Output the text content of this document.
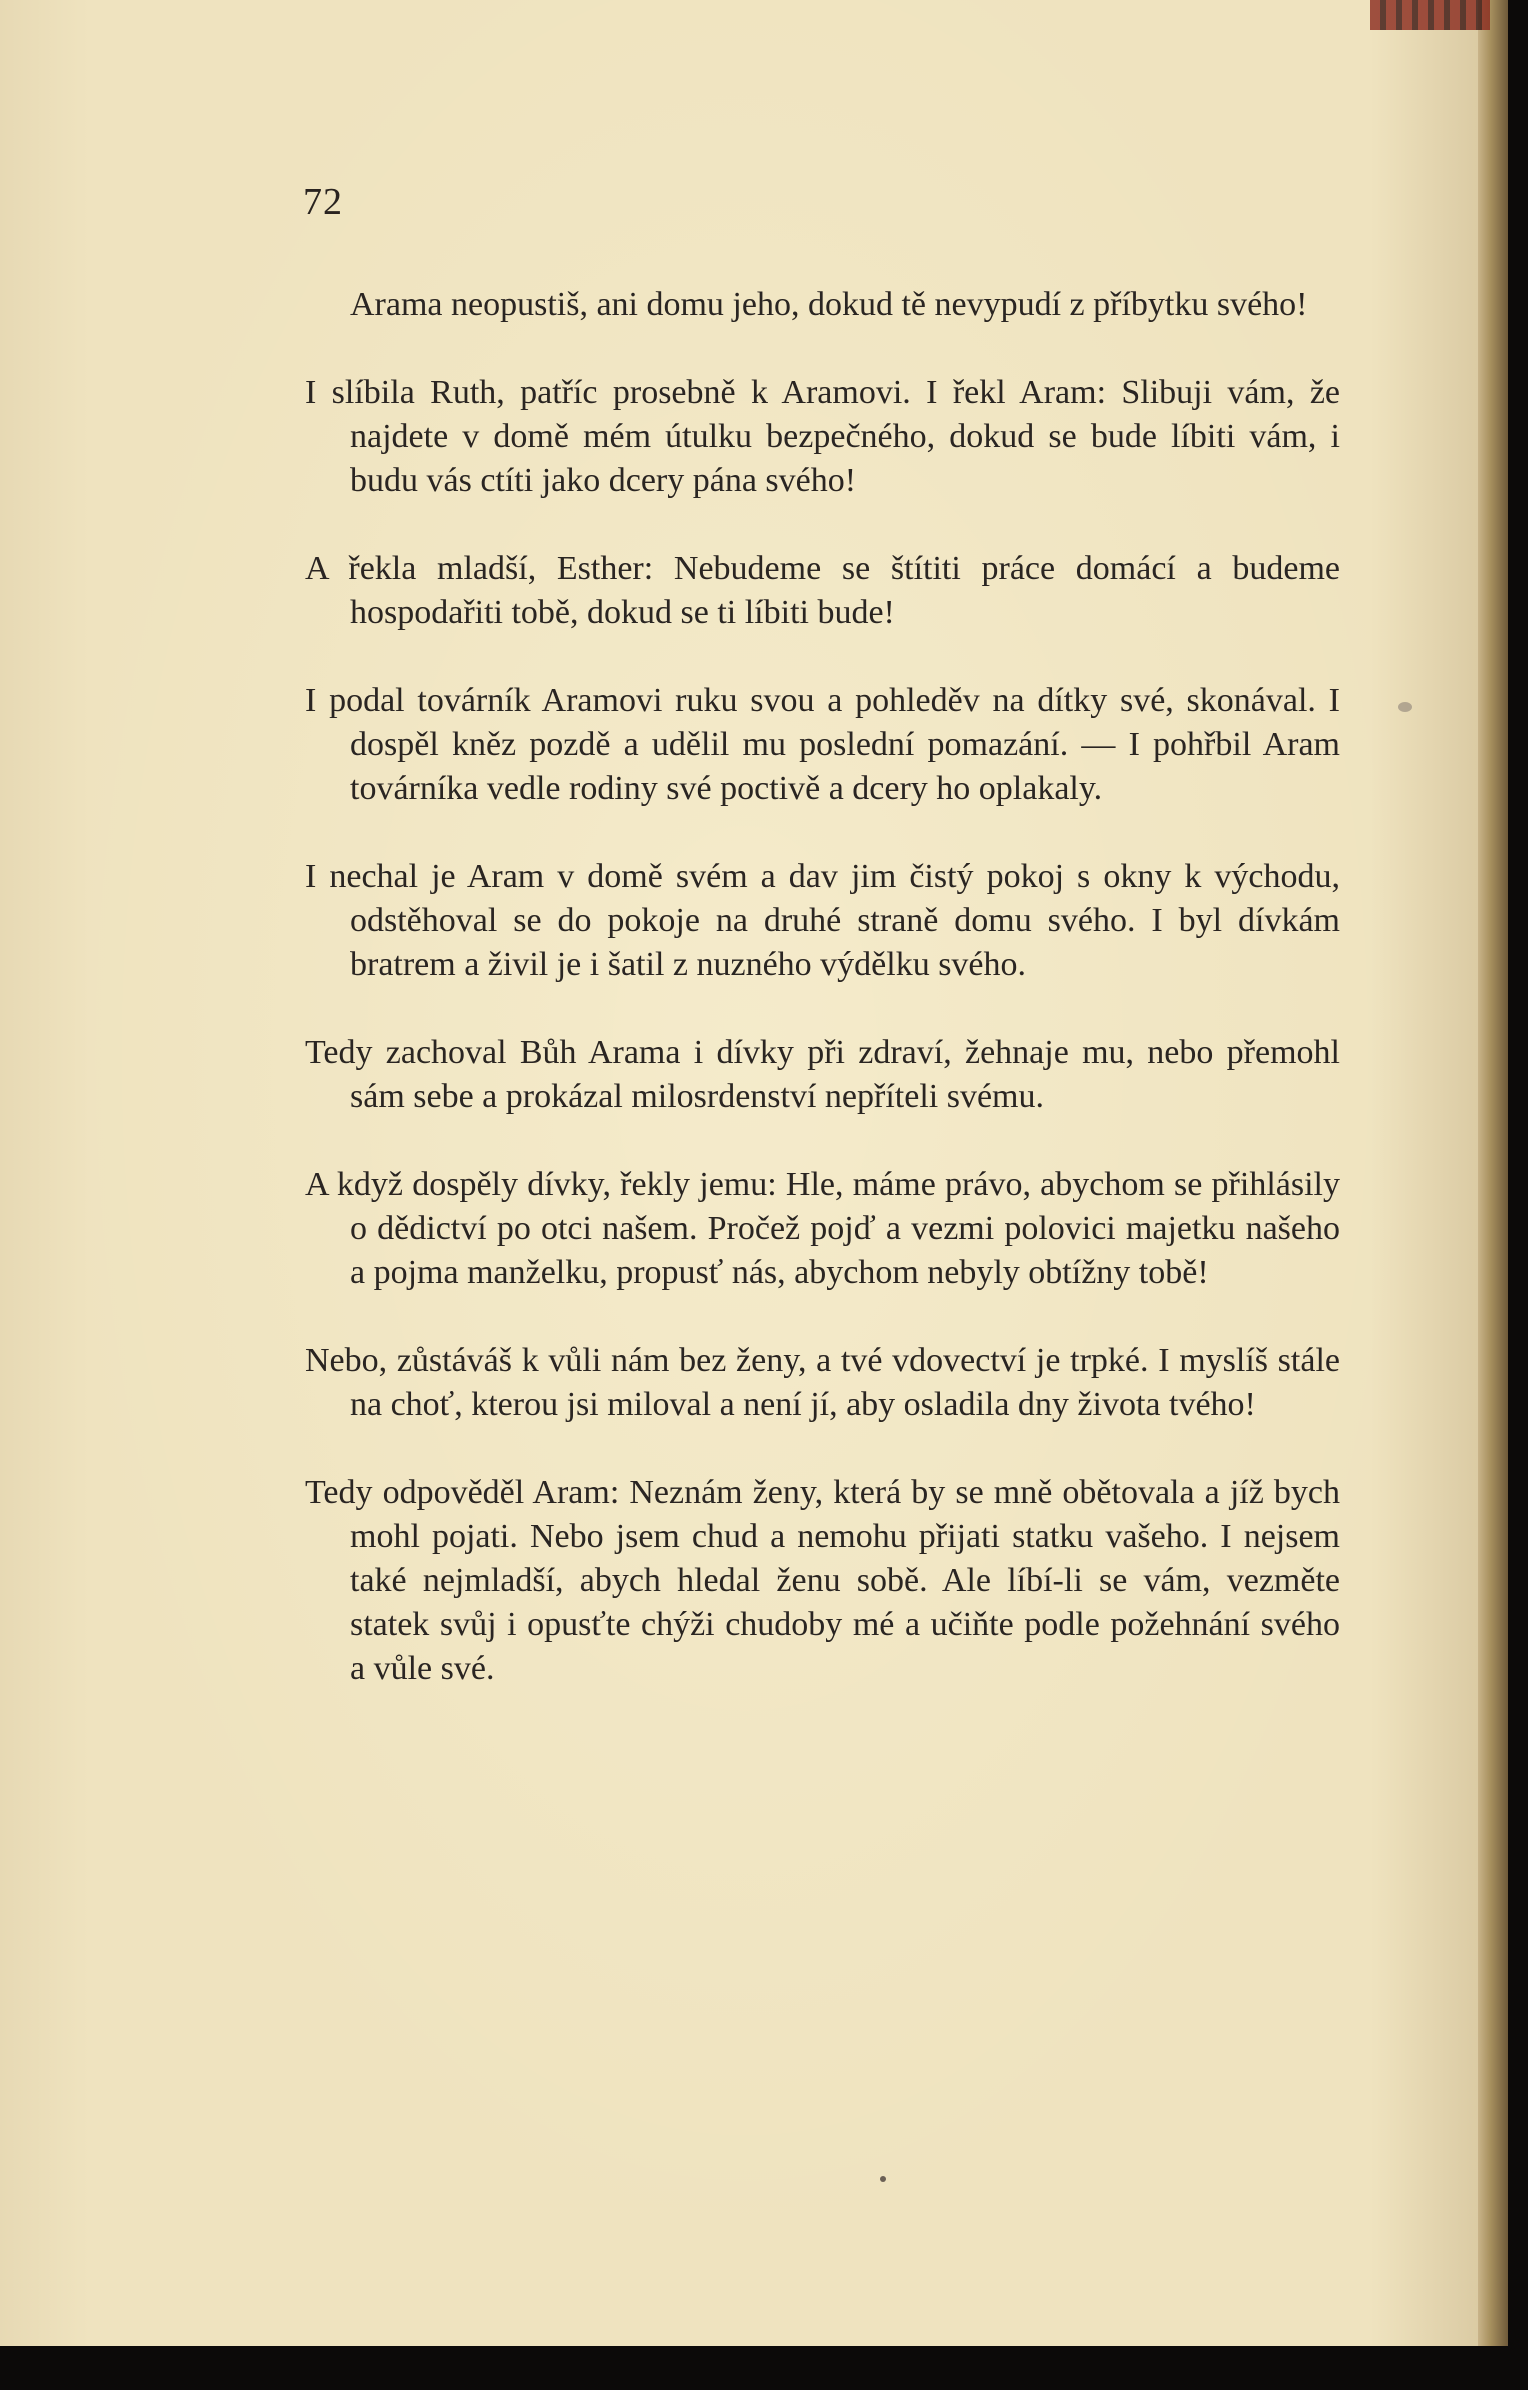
72

Arama neopustiš, ani domu jeho, dokud tě nevypudí z příbytku svého!

I slíbila Ruth, patříc prosebně k Aramovi. I řekl Aram: Slibuji vám, že najdete v domě mém útulku bezpečného, dokud se bude líbiti vám, i budu vás ctíti jako dcery pána svého!

A řekla mladší, Esther: Nebudeme se štítiti práce domácí a budeme hospodařiti tobě, dokud se ti líbiti bude!

I podal továrník Aramovi ruku svou a pohleděv na dítky své, skonával. I dospěl kněz pozdě a udělil mu poslední pomazání. — I pohřbil Aram továrníka vedle rodiny své poctivě a dcery ho oplakaly.

I nechal je Aram v domě svém a dav jim čistý pokoj s okny k východu, odstěhoval se do pokoje na druhé straně domu svého. I byl dívkám bratrem a živil je i šatil z nuzného výdělku svého.

Tedy zachoval Bůh Arama i dívky při zdraví, žehnaje mu, nebo přemohl sám sebe a prokázal milosrdenství nepříteli svému.

A když dospěly dívky, řekly jemu: Hle, máme právo, abychom se přihlásily o dědictví po otci našem. Pročež pojď a vezmi polovici majetku našeho a pojma manželku, propusť nás, abychom nebyly obtížny tobě!

Nebo, zůstáváš k vůli nám bez ženy, a tvé vdovectví je trpké. I myslíš stále na choť, kterou jsi miloval a není jí, aby osladila dny života tvého!

Tedy odpověděl Aram: Neznám ženy, která by se mně obětovala a jíž bych mohl pojati. Nebo jsem chud a nemohu přijati statku vašeho. I nejsem také nejmladší, abych hledal ženu sobě. Ale líbí-li se vám, vezměte statek svůj i opusťte chýži chudoby mé a učiňte podle požehnání svého a vůle své.
